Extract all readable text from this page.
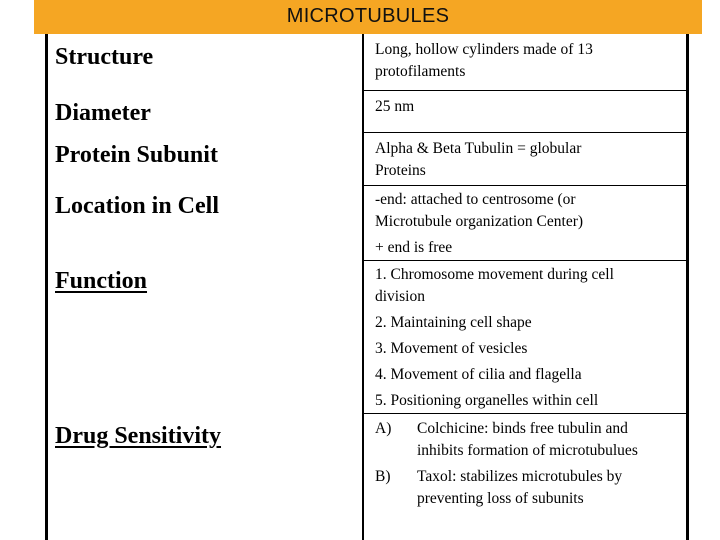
MICROTUBULES
Structure
Diameter
Protein Subunit
Location in Cell
Function
Drug Sensitivity
Long, hollow cylinders made of 13
protofilaments
25 nm
Alpha & Beta Tubulin = globular
Proteins
-end: attached to centrosome (or
Microtubule organization Center)
+ end is free
1. Chromosome movement during cell
division
2. Maintaining cell shape
3. Movement of vesicles
4. Movement of cilia and flagella
5. Positioning organelles within cell
A)	Colchicine: binds free tubulin and
inhibits formation of microtubulues
B)	Taxol: stabilizes microtubules by
preventing loss of subunits
